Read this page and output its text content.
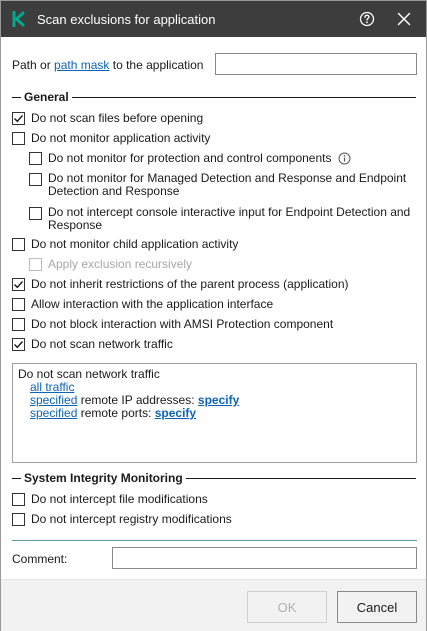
Scan exclusions for application
Path or
path mask
to the application
General
Do not scan files before opening
Do not monitor application activity
Do not monitor for protection and control components
Do not monitor for Managed Detection and Response and Endpoint Detection and Response
Do not intercept console interactive input for Endpoint Detection and Response
Do not monitor child application activity
Apply exclusion recursively
Do not inherit restrictions of the parent process (application)
Allow interaction with the application interface
Do not block interaction with AMSI Protection component
Do not scan network traffic
Do not scan network traffic
all traffic
specified remote IP addresses: specify
specified remote ports: specify
System Integrity Monitoring
Do not intercept file modifications
Do not intercept registry modifications
Comment:
OK	Cancel
